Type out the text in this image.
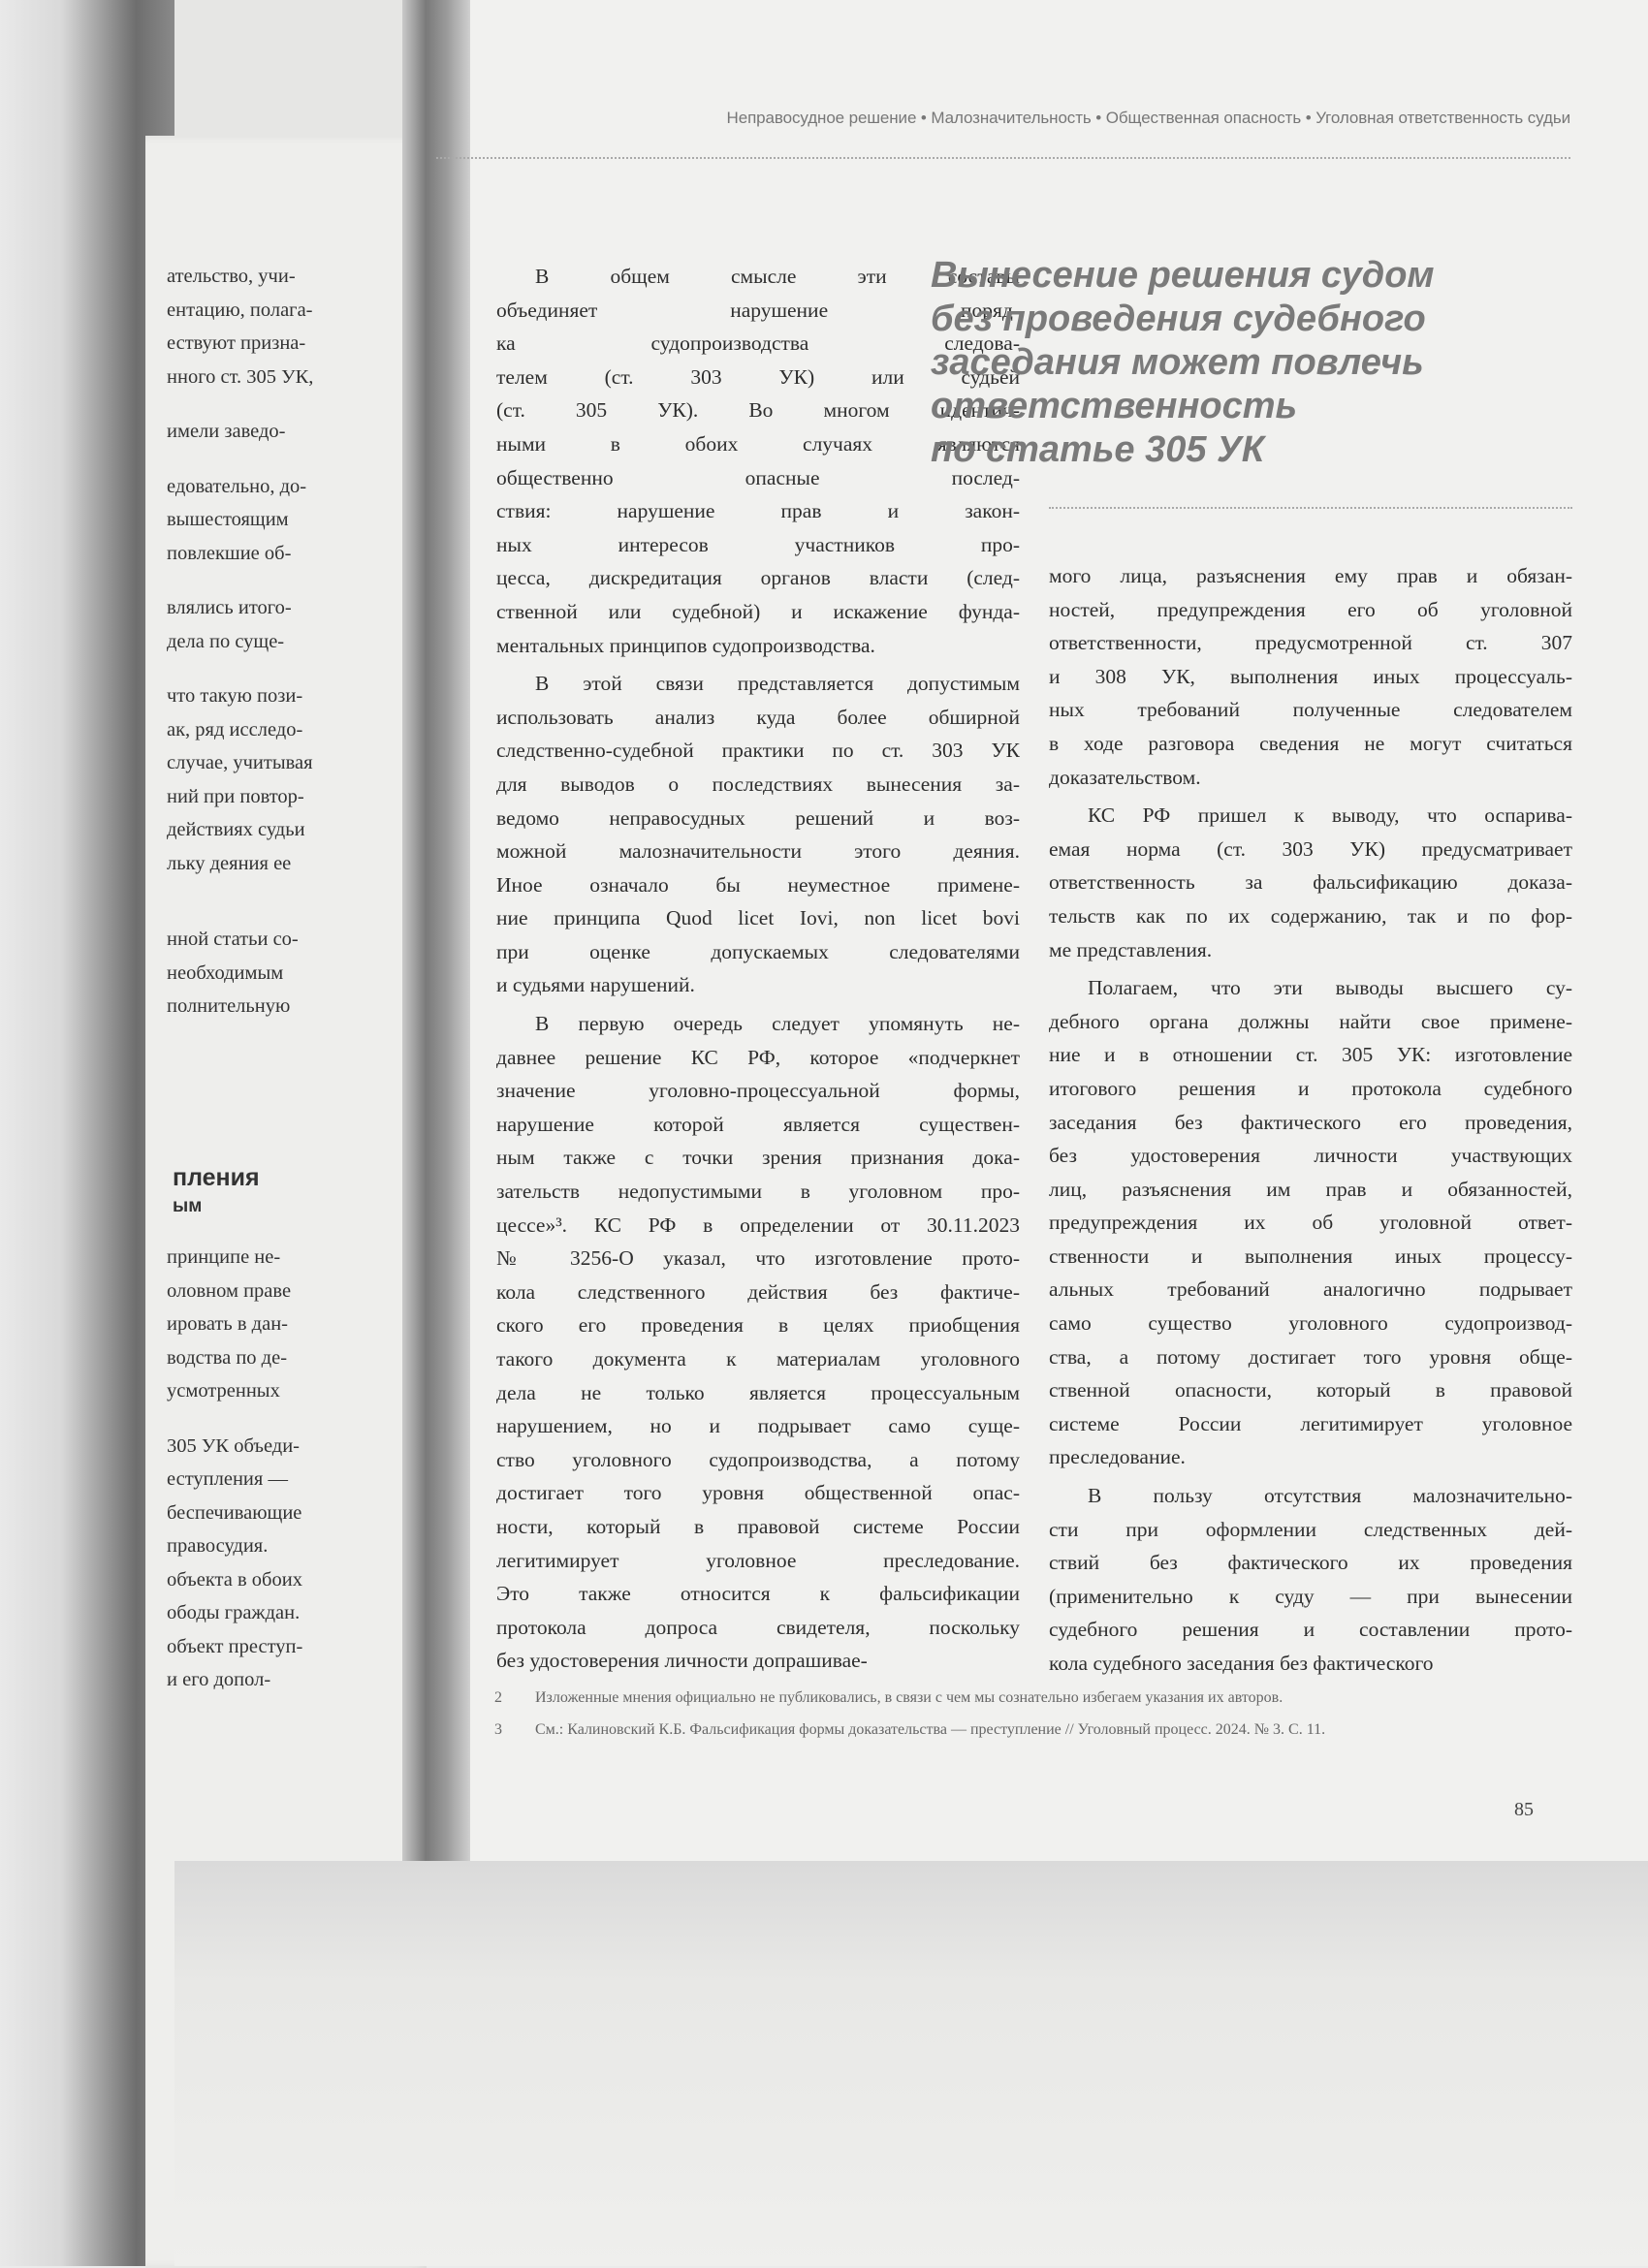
Неправосудное решение • Малозначительность • Общественная опасность • Уголовная ответственность судьи
ательство, учи-
ентацию, полага-
ествуют призна-
нного ст. 305 УК,
имели заведо-
едовательно, до-
вышестоящим
повлекшие об-
влялись итого-
дела по суще-
что такую пози-
ак, ряд исследо-
случае, учитывая
ний при повтор-
действиях судьи
льку деяния ее
нной статьи со-
необходимым
полнительную
пления
ым
принципе не-
оловном праве
ировать в дан-
водства по де-
усмотренных
305 УК объеди-
еступления —
беспечивающие
правосудия.
объекта в обоих
ободы граждан.
объект преступ-
и его допол-

В общем смысле эти составы
объединяет нарушение поряд-
ка судопроизводства следова-
телем (ст. 303 УК) или судьей
(ст. 305 УК). Во многом идентич-
ными в обоих случаях являются
общественно опасные послед-
ствия: нарушение прав и закон-
ных интересов участников про-
цесса, дискредитация органов власти (след-
ственной или судебной) и искажение фунда-
ментальных принципов судопроизводства.

В этой связи представляется допустимым
использовать анализ куда более обширной
следственно-судебной практики по ст. 303 УК
для выводов о последствиях вынесения за-
ведомо неправосудных решений и воз-
можной малозначительности этого деяния.
Иное означало бы неуместное примене-
ние принципа Quod licet Iovi, non licet bovi
при оценке допускаемых следователями
и судьями нарушений.

В первую очередь следует упомянуть не-
давнее решение КС РФ, которое «подчеркнет
значение уголовно-процессуальной формы,
нарушение которой является существен-
ным также с точки зрения признания дока-
зательств недопустимыми в уголовном про-
цессе»³. КС РФ в определении от 30.11.2023
№ 3256-О указал, что изготовление прото-
кола следственного действия без фактиче-
ского его проведения в целях приобщения
такого документа к материалам уголовного
дела не только является процессуальным
нарушением, но и подрывает само суще-
ство уголовного судопроизводства, а потому
достигает того уровня общественной опас-
ности, который в правовой системе России
легитимирует уголовное преследование.
Это также относится к фальсификации
протокола допроса свидетеля, поскольку
без удостоверения личности допрашивае-

Вынесение решения судом
без проведения судебного
заседания может повлечь
ответственность
по статье 305 УК

мого лица, разъяснения ему прав и обязан-
ностей, предупреждения его об уголовной
ответственности, предусмотренной ст. 307
и 308 УК, выполнения иных процессуаль-
ных требований полученные следователем
в ходе разговора сведения не могут считаться
доказательством.

КС РФ пришел к выводу, что оспарива-
емая норма (ст. 303 УК) предусматривает
ответственность за фальсификацию доказа-
тельств как по их содержанию, так и по фор-
ме представления.

Полагаем, что эти выводы высшего су-
дебного органа должны найти свое примене-
ние и в отношении ст. 305 УК: изготовление
итогового решения и протокола судебного
заседания без фактического его проведения,
без удостоверения личности участвующих
лиц, разъяснения им прав и обязанностей,
предупреждения их об уголовной ответ-
ственности и выполнения иных процессу-
альных требований аналогично подрывает
само существо уголовного судопроизвод-
ства, а потому достигает того уровня обще-
ственной опасности, который в правовой
системе России легитимирует уголовное
преследование.

В пользу отсутствия малозначительно-
сти при оформлении следственных дей-
ствий без фактического их проведения
(применительно к суду — при вынесении
судебного решения и составлении прото-
кола судебного заседания без фактического

2 Изложенные мнения официально не публиковались, в связи с чем мы сознательно избегаем указания их авторов.
3 См.: Калиновский К.Б. Фальсификация формы доказательства — преступление // Уголовный процесс. 2024. № 3. С. 11.
85
